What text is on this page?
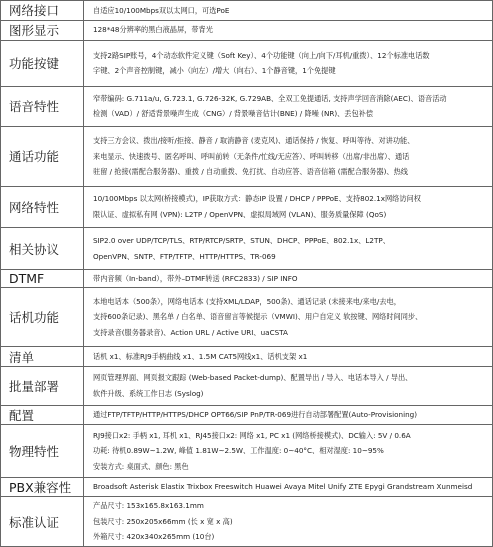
网络接口	自适应10/100Mbps双以太网口，可选PoE

图形显示	128*48分辨率的黑白液晶屏，带背光

功能按键	支持2路SIP账号，4个动态软件定义键（Soft Key）、4个功能键（向上/向下/耳机/重拨）、12个标准电话数
字键、2个声音控制键，减小（向左）/增大（向右）、1个静音键，1个免提键

语音特性	窄带编码: G.711a/u, G.723.1, G.726-32K, G.729AB、全双工免提通话, 支持声学回音消除(AEC)、语音活动
检测（VAD）/ 舒适背景噪声生成（CNG）/ 背景噪音估计(BNE) / 降噪 (NR)、丢包补偿

通话功能	支持三方会议、拨出/接听/拒接、静音 / 取消静音 (麦克风)、通话保持 / 恢复、呼叫等待、对讲功能、
来电显示、快速拨号、匿名呼叫、呼叫前转（无条件/忙线/无应答）、呼叫转移（出席/非出席）、通话
驻留 / 抢接(需配合服务器)、重拨 / 自动重拨、免打扰、自动应答、语音信箱 (需配合服务器)、热线

网络特性	10/100Mbps 以太网(桥接模式)，IP获取方式：静态IP 设置 / DHCP / PPPoE、支持802.1x网络访问权
限认证、虚拟私有网 (VPN): L2TP / OpenVPN、虚拟局域网 (VLAN)、服务质量保障 (QoS)

相关协议	SIP2.0 over UDP/TCP/TLS、RTP/RTCP/SRTP、STUN、DHCP、PPPoE、802.1x、L2TP、
OpenVPN、SNTP、FTP/TFTP、HTTP/HTTPS、TR-069

DTMF	带内音频（In-band），带外–DTMF转送 (RFC2833) / SIP INFO

话机功能	本地电话本（500条），网络电话本 (支持XML/LDAP，500条)、通话记录 (未接来电/来电/去电，
支持600条记录)、黑名单 / 白名单、语音留言等候提示（VMWI)、用户自定义 软按键、网络时间同步、
支持录音(服务器录音)、Action URL / Active URI、uaCSTA

清单	话机 x1、标准RJ9手柄曲线 x1、1.5M CAT5网线x1、话机支架 x1

批量部署	网页管理界面、网页报文跟踪 (Web-based Packet-dump)、配置导出 / 导入、电话本导入 / 导出、
软件升级、系统工作日志 (Syslog)

配置	通过FTP/TFTP/HTTP/HTTPS/DHCP OPT66/SIP PnP/TR-069进行自动部署配置(Auto-Provisioning)

物理特性	RJ9接口x2: 手柄 x1, 耳机 x1、RJ45接口x2: 网络 x1, PC x1 (网络桥接模式)、DC输入: 5V / 0.6A
功耗: 待机0.89W~1.2W, 峰值 1.81W~2.5W、工作温度: 0~40°C、相对湿度: 10~95%
安装方式: 桌面式、颜色: 黑色

PBX兼容性	Broadsoft Asterisk Elastix Trixbox Freeswitch Huawei Avaya Mitel Unify ZTE Epygi Grandstream Xunmeisd

标准认证	产品尺寸: 153x165.8x163.1mm
包装尺寸: 250x205x66mm (长 x 宽 x 高)
外箱尺寸: 420x340x265mm (10台)
